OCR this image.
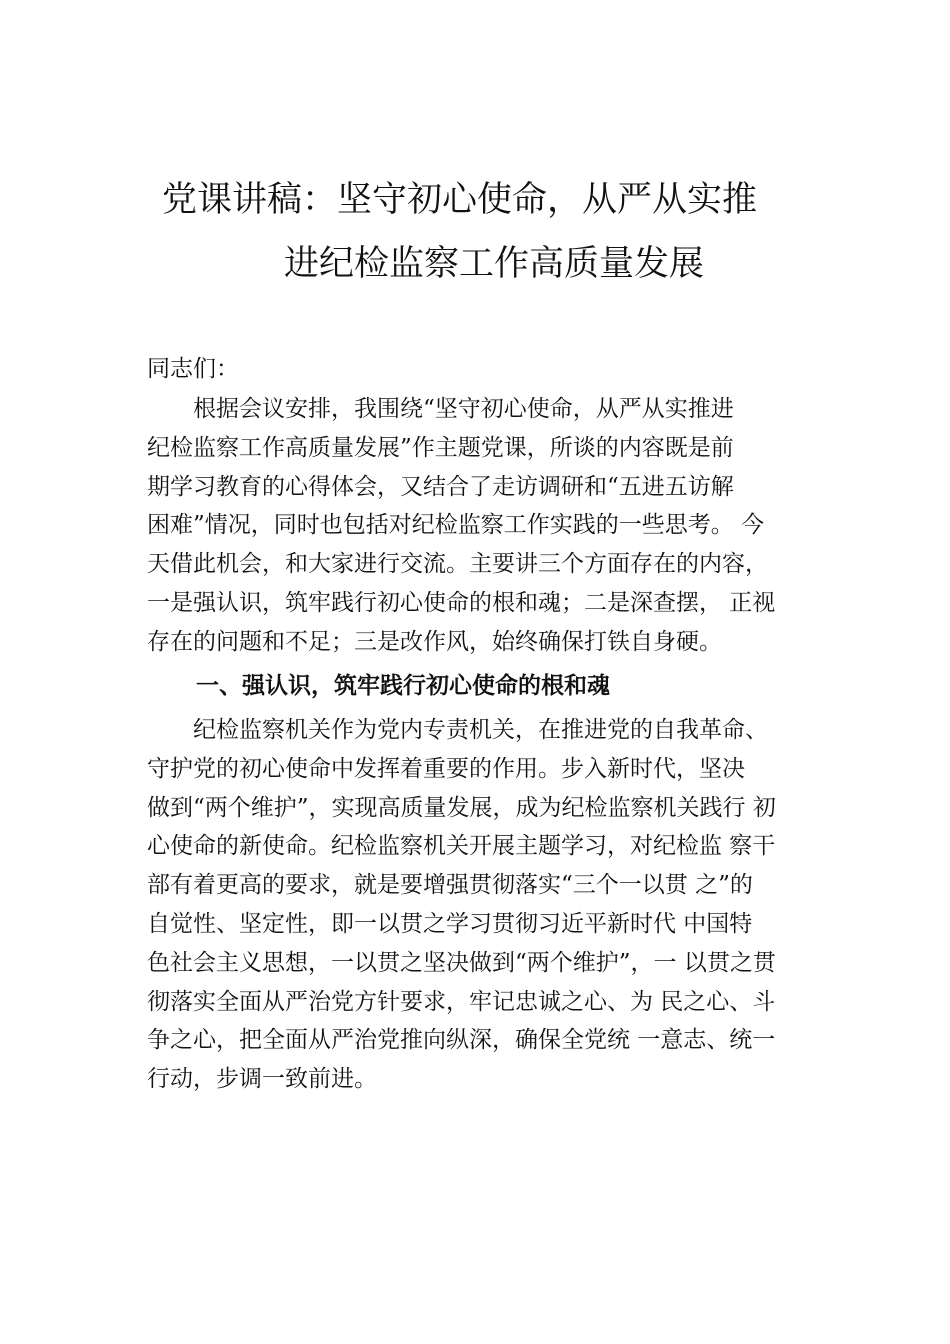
党课讲稿：坚守初心使命，从严从实推
进纪检监察工作高质量发展
同志们：
　　根据会议安排，我围绕“坚守初心使命，从严从实推进
纪检监察工作高质量发展”作主题党课，所谈的内容既是前
期学习教育的心得体会，又结合了走访调研和“五进五访解
困难”情况，同时也包括对纪检监察工作实践的一些思考。 今
天借此机会，和大家进行交流。主要讲三个方面存在的内容，
一是强认识，筑牢践行初心使命的根和魂；二是深查摆， 正视
存在的问题和不足；三是改作风，始终确保打铁自身硬。
一、强认识，筑牢践行初心使命的根和魂
　　纪检监察机关作为党内专责机关，在推进党的自我革命、
守护党的初心使命中发挥着重要的作用。步入新时代，坚决
做到“两个维护”，实现高质量发展，成为纪检监察机关践行 初
心使命的新使命。纪检监察机关开展主题学习，对纪检监 察干
部有着更高的要求，就是要增强贯彻落实“三个一以贯 之”的
自觉性、坚定性，即一以贯之学习贯彻习近平新时代 中国特
色社会主义思想，一以贯之坚决做到“两个维护”，一 以贯之贯
彻落实全面从严治党方针要求，牢记忠诚之心、为 民之心、斗
争之心，把全面从严治党推向纵深，确保全党统 一意志、统一
行动，步调一致前进。
